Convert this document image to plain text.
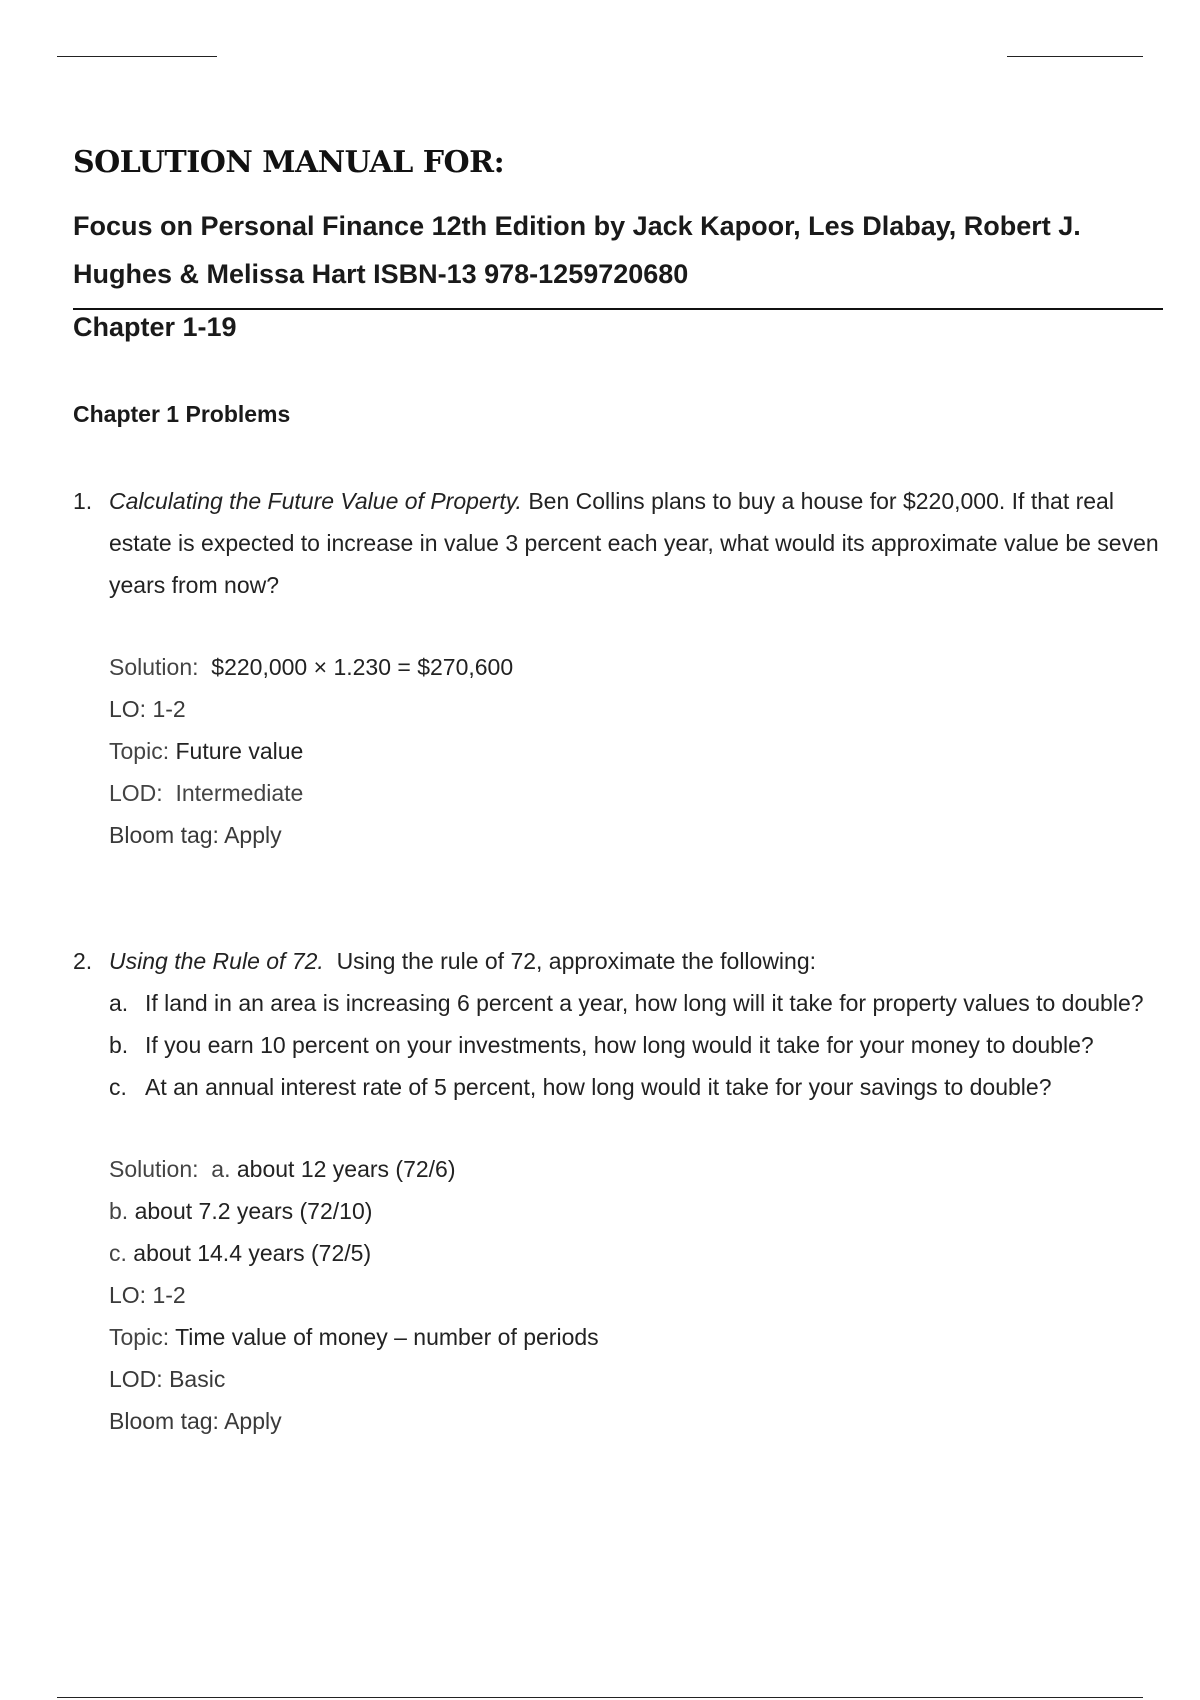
SOLUTION MANUAL FOR:
Focus on Personal Finance 12th Edition by Jack Kapoor, Les Dlabay, Robert J.
Hughes & Melissa Hart ISBN-13 978-1259720680
Chapter 1-19
Chapter 1 Problems
1. Calculating the Future Value of Property. Ben Collins plans to buy a house for $220,000. If that real estate is expected to increase in value 3 percent each year, what would its approximate value be seven years from now?
Solution: $220,000 × 1.230 = $270,600
LO: 1-2
Topic: Future value
LOD: Intermediate
Bloom tag: Apply
2. Using the Rule of 72.  Using the rule of 72, approximate the following:
a. If land in an area is increasing 6 percent a year, how long will it take for property values to double?
b. If you earn 10 percent on your investments, how long would it take for your money to double?
c. At an annual interest rate of 5 percent, how long would it take for your savings to double?
Solution: a. about 12 years (72/6)
b. about 7.2 years (72/10)
c. about 14.4 years (72/5)
LO: 1-2
Topic: Time value of money – number of periods
LOD: Basic
Bloom tag: Apply
